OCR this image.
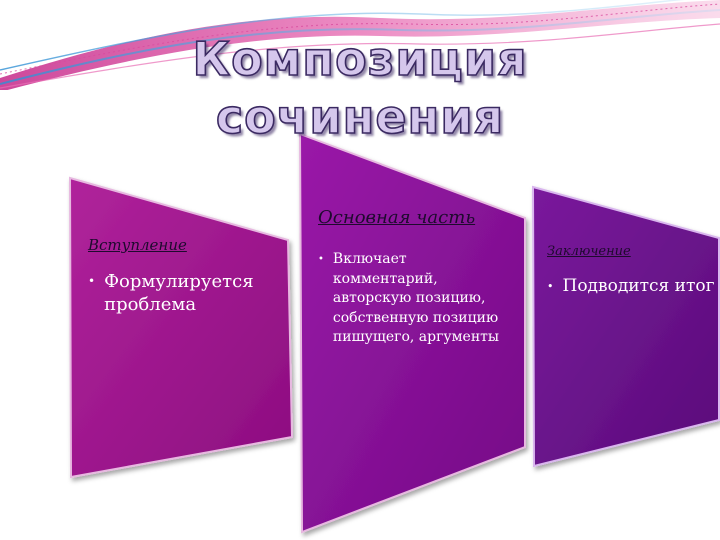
Композиция
сочинения

Вступление

• Формулируется проблема

Основная часть

• Включает комментарий, авторскую позицию, собственную позицию пишущего, аргументы

Заключение

• Подводится итог
